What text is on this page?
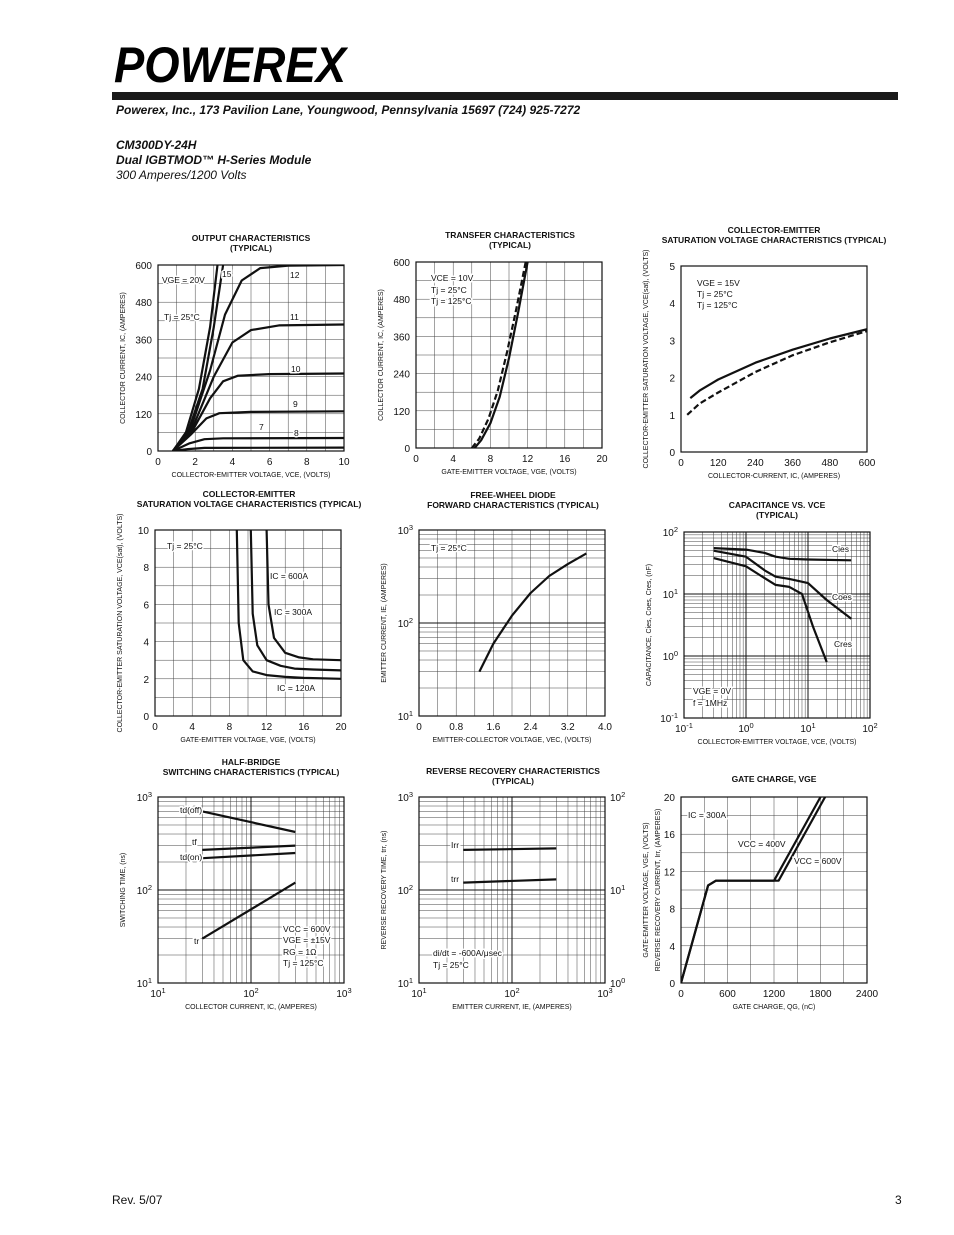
POWEREX
Powerex, Inc., 173 Pavilion Lane, Youngwood, Pennsylvania 15697 (724) 925-7272
CM300DY-24H
Dual IGBTMOD™ H-Series Module
300 Amperes/1200 Volts
OUTPUT CHARACTERISTICS
(TYPICAL)
TRANSFER CHARACTERISTICS
(TYPICAL)
COLLECTOR-EMITTER
SATURATION VOLTAGE CHARACTERISTICS (TYPICAL)
COLLECTOR-EMITTER
SATURATION VOLTAGE CHARACTERISTICS (TYPICAL)
FREE-WHEEL DIODE
FORWARD CHARACTERISTICS (TYPICAL)	CAPACITANCE VS. VCE
(TYPICAL)
HALF-BRIDGE
SWITCHING CHARACTERISTICS (TYPICAL)	REVERSE RECOVERY CHARACTERISTICS
(TYPICAL)	GATE CHARGE, VGE
0	2	4	6	8	10
0
120
240
360
480
600
COLLECTOR-EMITTER VOLTAGE, VCE, (VOLTS)
COLLECTOR CURRENT, IC, (AMPERES)
VGE = 20V
Tj = 25°C
15	12
11
10
9
8
7
0	4	8	12	16	20
0
120
240
360
480
600
GATE-EMITTER VOLTAGE, VGE, (VOLTS)
COLLECTOR CURRENT, IC, (AMPERES)
VCE = 10V
Tj = 25°C
Tj = 125°C
0	120 240 360 480 600
0
1
2
3
4
5
COLLECTOR-CURRENT, IC, (AMPERES)
COLLECTOR-EMITTER SATURATION VOLTAGE, VCE(sat), (VOLTS)	VGE = 15V
Tj = 25°C
Tj = 125°C
0	4	8	12	16	20
0
2
4
6
8
10
GATE-EMITTER VOLTAGE, VGE, (VOLTS)
COLLECTOR-EMITTER SATURATION VOLTAGE, VCE(sat), (VOLTS)	Tj = 25°C
IC = 600A
IC = 300A
IC = 120A
0	0.8 1.6 2.4 3.2 4.0
$10^1$
$10^2$
$10^3$
EMITTER-COLLECTOR VOLTAGE, VEC, (VOLTS)
EMITTER CURRENT, IE, (AMPERES)
Tj = 25°C
$10^{-1}$	$10^0$	$10^1$	$10^2$
$10^{-1}$
$10^0$
$10^1$
$10^2$
COLLECTOR-EMITTER VOLTAGE, VCE, (VOLTS)
CAPACITANCE, Cies, Coes, Cres, (nF)
Cies
Coes
Cres
VGE = 0V
f = 1MHz
$10^1$	$10^2$	$10^3$
$10^1$
$10^2$
$10^3$
COLLECTOR CURRENT, IC, (AMPERES)
SWITCHING TIME, (ns)
td(off)
tf
td(on)
tr
VCC = 600V
VGE = ±15V
RG = 1Ω
Tj = 125°C
$10^1$	$10^2$	$10^3$
$10^1$
$10^2$
$10^3$
$10^0$
$10^1$
$10^2$
EMITTER CURRENT, IE, (AMPERES)
REVERSE RECOVERY TIME, trr, (ns)	REVERSE RECOVERY CURRENT, Irr, (AMPERES)
Irr
trr
di/dt = -600A/μsec
Tj = 25°C
0	600	1200 1800 2400
0
4
8
12
16
20
GATE CHARGE, QG, (nC)
GATE-EMITTER VOLTAGE, VGE, (VOLTS)
IC = 300A
VCC = 400V
VCC = 600V
Rev. 5/07	3
